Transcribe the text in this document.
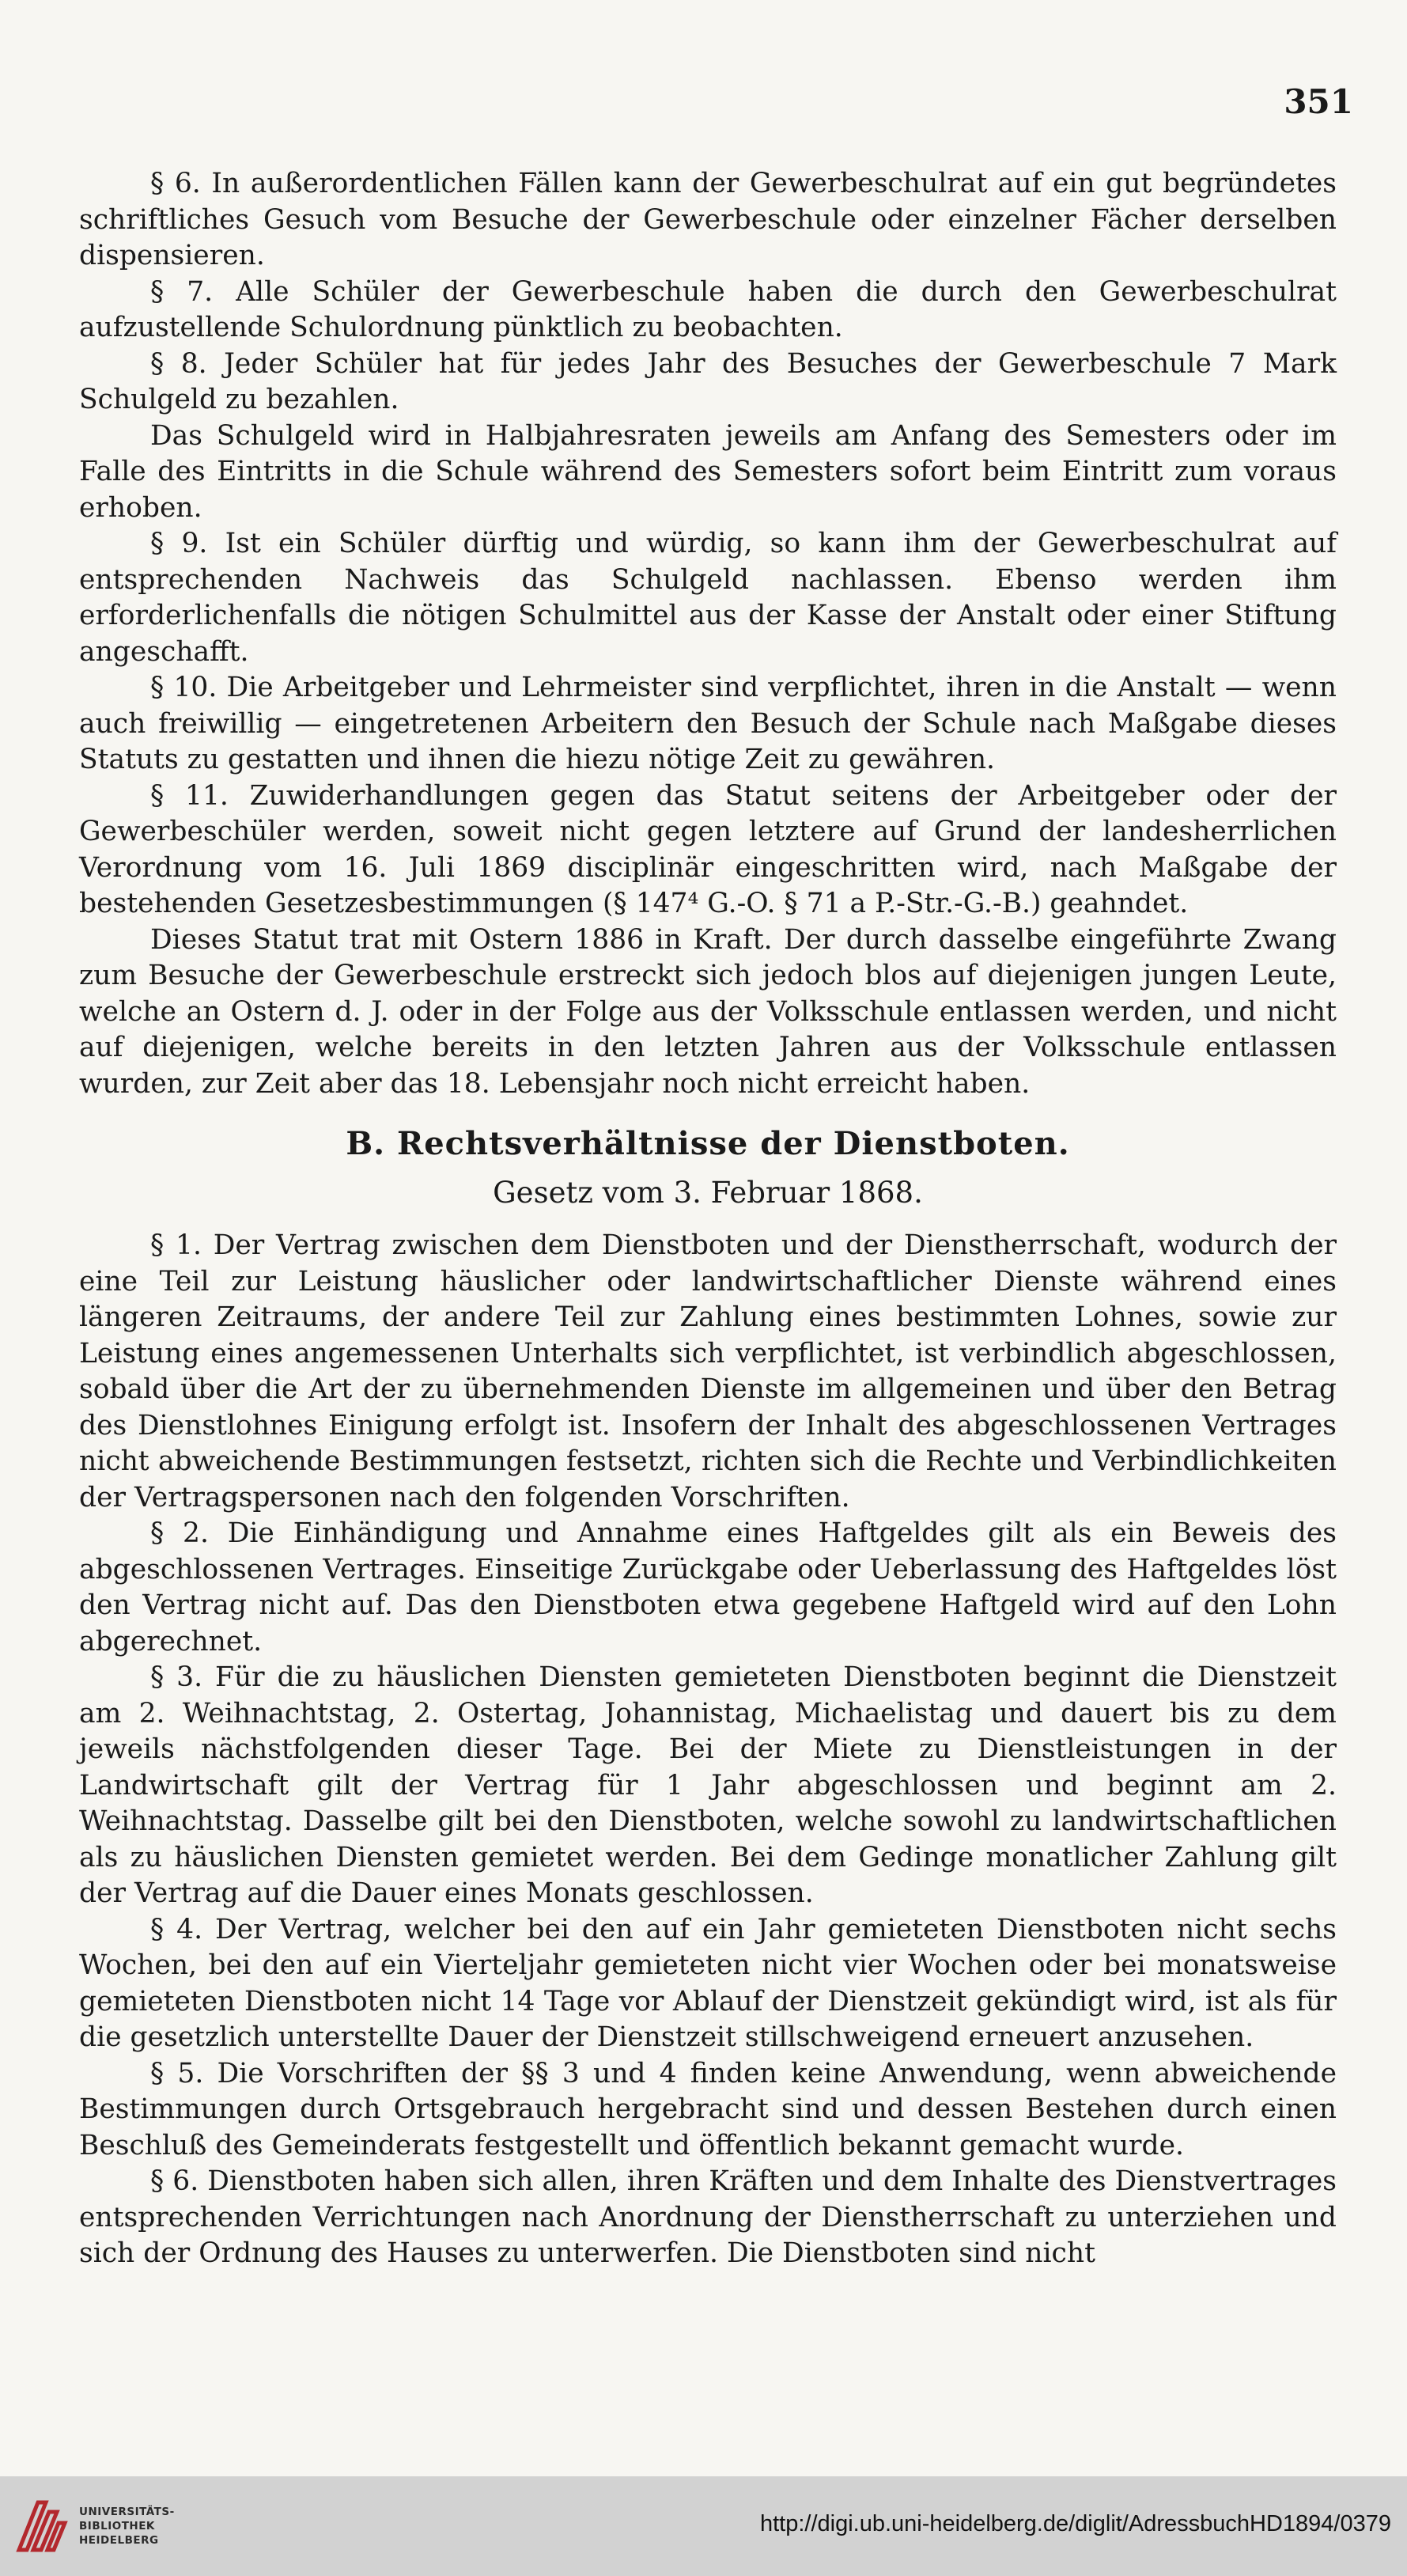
351

§ 6. In außerordentlichen Fällen kann der Gewerbeschulrat auf ein gut begründetes schriftliches Gesuch vom Besuche der Gewerbeschule oder einzelner Fächer derselben dispensieren.

§ 7. Alle Schüler der Gewerbeschule haben die durch den Gewerbeschulrat aufzustellende Schulordnung pünktlich zu beobachten.

§ 8. Jeder Schüler hat für jedes Jahr des Besuches der Gewerbeschule 7 Mark Schulgeld zu bezahlen.

Das Schulgeld wird in Halbjahresraten jeweils am Anfang des Semesters oder im Falle des Eintritts in die Schule während des Semesters sofort beim Eintritt zum voraus erhoben.

§ 9. Ist ein Schüler dürftig und würdig, so kann ihm der Gewerbeschulrat auf entsprechenden Nachweis das Schulgeld nachlassen. Ebenso werden ihm erforderlichenfalls die nötigen Schulmittel aus der Kasse der Anstalt oder einer Stiftung angeschafft.

§ 10. Die Arbeitgeber und Lehrmeister sind verpflichtet, ihren in die Anstalt — wenn auch freiwillig — eingetretenen Arbeitern den Besuch der Schule nach Maßgabe dieses Statuts zu gestatten und ihnen die hiezu nötige Zeit zu gewähren.

§ 11. Zuwiderhandlungen gegen das Statut seitens der Arbeitgeber oder der Gewerbeschüler werden, soweit nicht gegen letztere auf Grund der landesherrlichen Verordnung vom 16. Juli 1869 disciplinär eingeschritten wird, nach Maßgabe der bestehenden Gesetzesbestimmungen (§ 147⁴ G.-O. § 71 a P.-Str.-G.-B.) geahndet.

Dieses Statut trat mit Ostern 1886 in Kraft. Der durch dasselbe eingeführte Zwang zum Besuche der Gewerbeschule erstreckt sich jedoch blos auf diejenigen jungen Leute, welche an Ostern d. J. oder in der Folge aus der Volksschule entlassen werden, und nicht auf diejenigen, welche bereits in den letzten Jahren aus der Volksschule entlassen wurden, zur Zeit aber das 18. Lebensjahr noch nicht erreicht haben.

B. Rechtsverhältnisse der Dienstboten.
Gesetz vom 3. Februar 1868.

§ 1. Der Vertrag zwischen dem Dienstboten und der Dienstherrschaft, wodurch der eine Teil zur Leistung häuslicher oder landwirtschaftlicher Dienste während eines längeren Zeitraums, der andere Teil zur Zahlung eines bestimmten Lohnes, sowie zur Leistung eines angemessenen Unterhalts sich verpflichtet, ist verbindlich abgeschlossen, sobald über die Art der zu übernehmenden Dienste im allgemeinen und über den Betrag des Dienstlohnes Einigung erfolgt ist. Insofern der Inhalt des abgeschlossenen Vertrages nicht abweichende Bestimmungen festsetzt, richten sich die Rechte und Verbindlichkeiten der Vertragspersonen nach den folgenden Vorschriften.

§ 2. Die Einhändigung und Annahme eines Haftgeldes gilt als ein Beweis des abgeschlossenen Vertrages. Einseitige Zurückgabe oder Ueberlassung des Haftgeldes löst den Vertrag nicht auf. Das den Dienstboten etwa gegebene Haftgeld wird auf den Lohn abgerechnet.

§ 3. Für die zu häuslichen Diensten gemieteten Dienstboten beginnt die Dienstzeit am 2. Weihnachtstag, 2. Ostertag, Johannistag, Michaelistag und dauert bis zu dem jeweils nächstfolgenden dieser Tage. Bei der Miete zu Dienstleistungen in der Landwirtschaft gilt der Vertrag für 1 Jahr abgeschlossen und beginnt am 2. Weihnachtstag. Dasselbe gilt bei den Dienstboten, welche sowohl zu landwirtschaftlichen als zu häuslichen Diensten gemietet werden. Bei dem Gedinge monatlicher Zahlung gilt der Vertrag auf die Dauer eines Monats geschlossen.

§ 4. Der Vertrag, welcher bei den auf ein Jahr gemieteten Dienstboten nicht sechs Wochen, bei den auf ein Vierteljahr gemieteten nicht vier Wochen oder bei monatsweise gemieteten Dienstboten nicht 14 Tage vor Ablauf der Dienstzeit gekündigt wird, ist als für die gesetzlich unterstellte Dauer der Dienstzeit stillschweigend erneuert anzusehen.

§ 5. Die Vorschriften der §§ 3 und 4 finden keine Anwendung, wenn abweichende Bestimmungen durch Ortsgebrauch hergebracht sind und dessen Bestehen durch einen Beschluß des Gemeinderats festgestellt und öffentlich bekannt gemacht wurde.

§ 6. Dienstboten haben sich allen, ihren Kräften und dem Inhalte des Dienstvertrages entsprechenden Verrichtungen nach Anordnung der Dienstherrschaft zu unterziehen und sich der Ordnung des Hauses zu unterwerfen. Die Dienstboten sind nicht

UNIVERSITÄTS-
BIBLIOTHEK
HEIDELBERG
http://digi.ub.uni-heidelberg.de/diglit/AdressbuchHD1894/0379
